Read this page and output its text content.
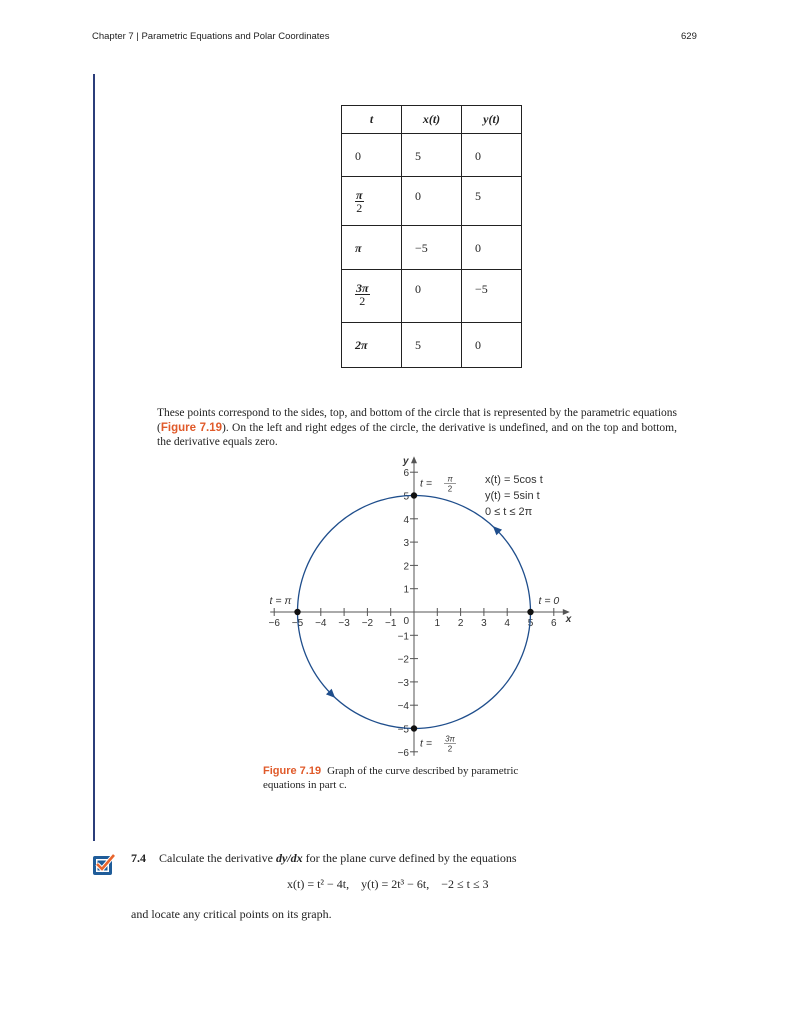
Chapter 7 | Parametric Equations and Polar Coordinates	629
t	x(t)	y(t)
0	5	0

$\frac{\pi}{2}$	0	5
π	−5	0

$\frac{3\pi}{2}$	0	−5
2π	5	0
These points correspond to the sides, top, and bottom of the circle that is represented by the parametric equations (Figure 7.19). On the left and right edges of the circle, the derivative is undefined, and on the top and bottom, the derivative equals zero.
x
y
−6 −5 −4 −3 −2 −1	1 2 3 4 5 6
−6
−5
−4
−3
−2
−1
1
2
3
4
5
6
0
t = 0
t = π
2
t = π
t = 3π
2
x(t) = 5cos t
y(t) = 5sin t
0 ≤ t ≤ 2π
Figure 7.19 Graph of the curve described by parametric equations in part c.
7.4 Calculate the derivative dy/dx for the plane curve defined by the equations
x(t) = t² − 4t,    y(t) = 2t³ − 6t,    −2 ≤ t ≤ 3
and locate any critical points on its graph.
